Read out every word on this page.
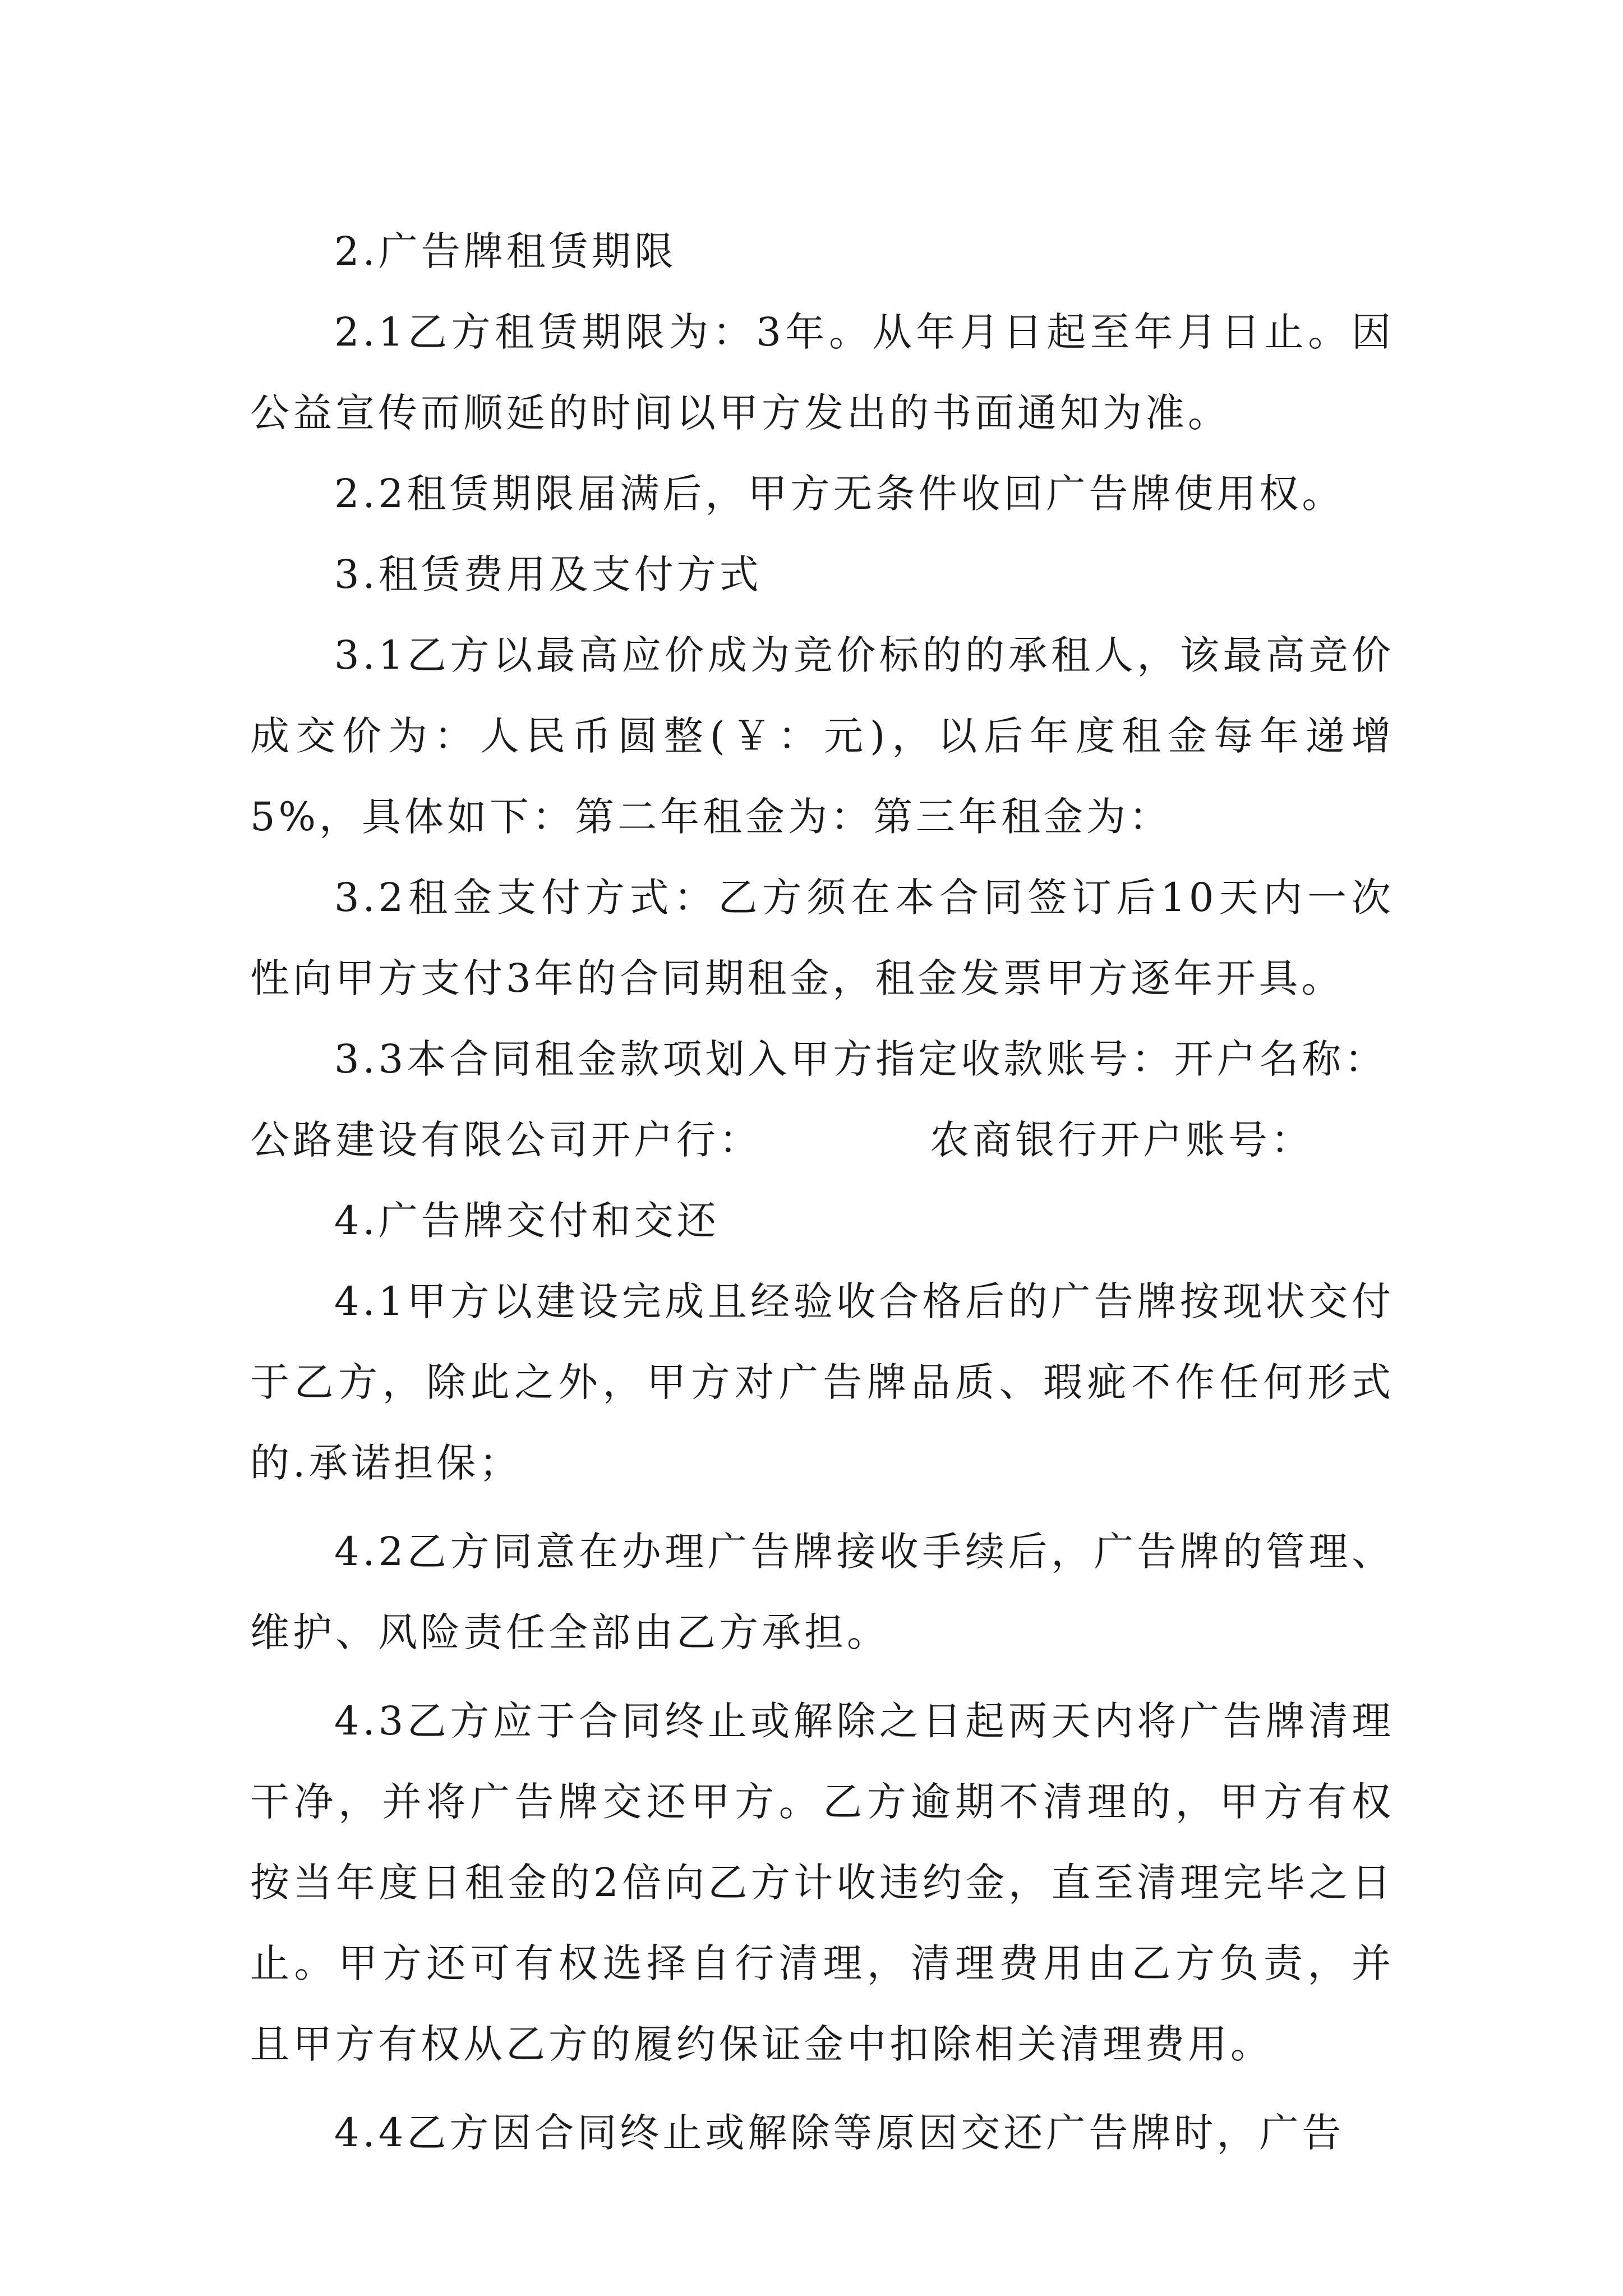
2.广告牌租赁期限

2.1乙方租赁期限为：3年。从年月日起至年月日止。因公益宣传而顺延的时间以甲方发出的书面通知为准。

2.2租赁期限届满后，甲方无条件收回广告牌使用权。

3.租赁费用及支付方式

3.1乙方以最高应价成为竞价标的的承租人，该最高竞价成交价为：人民币圆整(￥：元)，以后年度租金每年递增5%，具体如下：第二年租金为：第三年租金为：

3.2租金支付方式：乙方须在本合同签订后10天内一次性向甲方支付3年的合同期租金，租金发票甲方逐年开具。

3.3本合同租金款项划入甲方指定收款账号：开户名称：

公路建设有限公司开户行：	农商银行开户账号：

4.广告牌交付和交还

4.1甲方以建设完成且经验收合格后的广告牌按现状交付于乙方，除此之外，甲方对广告牌品质、瑕疵不作任何形式的.承诺担保；

4.2乙方同意在办理广告牌接收手续后，广告牌的管理、维护、风险责任全部由乙方承担。

4.3乙方应于合同终止或解除之日起两天内将广告牌清理干净，并将广告牌交还甲方。乙方逾期不清理的，甲方有权按当年度日租金的2倍向乙方计收违约金，直至清理完毕之日止。甲方还可有权选择自行清理，清理费用由乙方负责，并且甲方有权从乙方的履约保证金中扣除相关清理费用。

4.4乙方因合同终止或解除等原因交还广告牌时，广告
